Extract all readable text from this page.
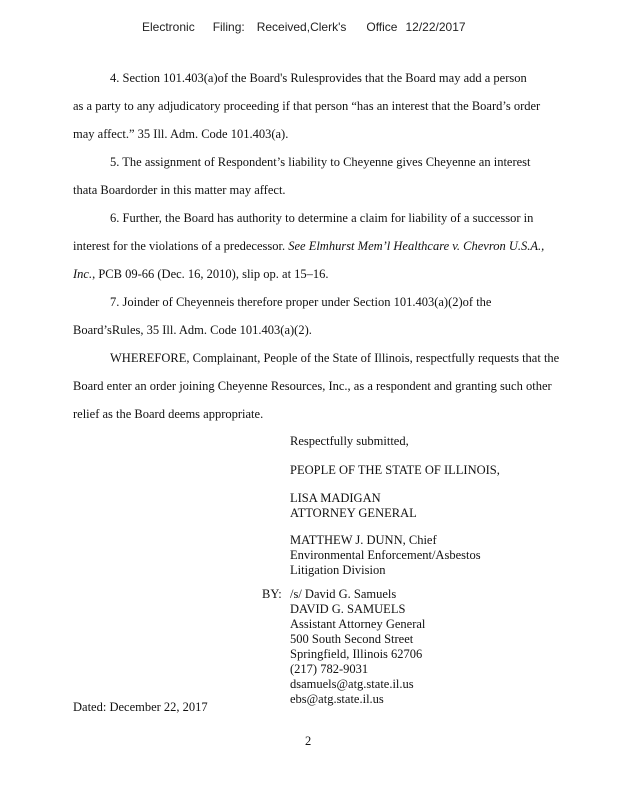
Electronic Filing: Received,Clerk's Office 12/22/2017
4. Section 101.403(a)of the Board's Rulesprovides that the Board may add a person
as a party to any adjudicatory proceeding if that person “has an interest that the Board’s order
may affect.” 35 Ill. Adm. Code 101.403(a).
5. The assignment of Respondent’s liability to Cheyenne gives Cheyenne an interest
thata Boardorder in this matter may affect.
6. Further, the Board has authority to determine a claim for liability of a successor in
interest for the violations of a predecessor. See Elmhurst Mem’l Healthcare v. Chevron U.S.A.,
Inc., PCB 09-66 (Dec. 16, 2010), slip op. at 15–16.
7. Joinder of Cheyenneis therefore proper under Section 101.403(a)(2)of the
Board’sRules, 35 Ill. Adm. Code 101.403(a)(2).
WHEREFORE, Complainant, People of the State of Illinois, respectfully requests that the
Board enter an order joining Cheyenne Resources, Inc., as a respondent and granting such other
relief as the Board deems appropriate.
Respectfully submitted,
PEOPLE OF THE STATE OF ILLINOIS,
LISA MADIGAN
ATTORNEY GENERAL
MATTHEW J. DUNN, Chief
Environmental Enforcement/Asbestos
Litigation Division
BY: /s/ David G. Samuels
DAVID G. SAMUELS
Assistant Attorney General
500 South Second Street
Springfield, Illinois 62706
(217) 782-9031
dsamuels@atg.state.il.us
ebs@atg.state.il.us
Dated: December 22, 2017
2
